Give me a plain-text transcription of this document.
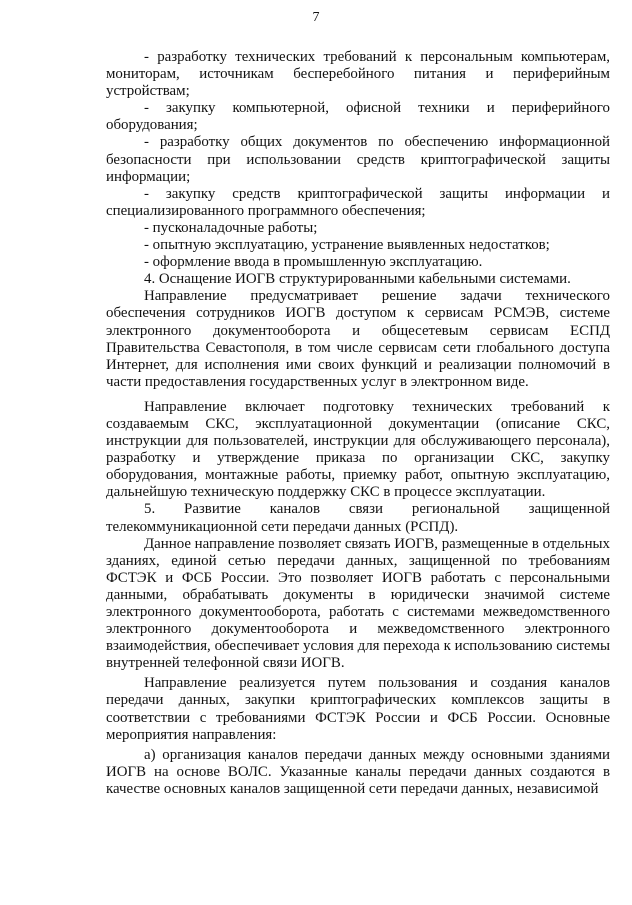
7

- разработку технических требований к персональным компьютерам, мониторам, источникам бесперебойного питания и периферийным устройствам;

- закупку компьютерной, офисной техники и периферийного оборудования;

- разработку общих документов по обеспечению информационной безопасности при использовании средств криптографической защиты информации;

- закупку средств криптографической защиты информации и специализированного программного обеспечения;

- пусконаладочные работы;

- опытную эксплуатацию, устранение выявленных недостатков;

- оформление ввода в промышленную эксплуатацию.

4. Оснащение ИОГВ структурированными кабельными системами.

Направление предусматривает решение задачи технического обеспечения сотрудников ИОГВ доступом к сервисам РСМЭВ, системе электронного документооборота и общесетевым сервисам ЕСПД Правительства Севастополя, в том числе сервисам сети глобального доступа Интернет, для исполнения ими своих функций и реализации полномочий в части предоставления государственных услуг в электронном виде.

Направление включает подготовку технических требований к создаваемым СКС, эксплуатационной документации (описание СКС, инструкции для пользователей, инструкции для обслуживающего персонала), разработку и утверждение приказа по организации СКС, закупку оборудования, монтажные работы, приемку работ, опытную эксплуатацию, дальнейшую техническую поддержку СКС в процессе эксплуатации.

5. Развитие каналов связи региональной защищенной телекоммуникационной сети передачи данных (РСПД).

Данное направление позволяет связать ИОГВ, размещенные в отдельных зданиях, единой сетью передачи данных, защищенной по требованиям ФСТЭК и ФСБ России. Это позволяет ИОГВ работать с персональными данными, обрабатывать документы в юридически значимой системе электронного документооборота, работать с системами межведомственного электронного документооборота и межведомственного электронного взаимодействия, обеспечивает условия для перехода к использованию системы внутренней телефонной связи ИОГВ.

Направление реализуется путем пользования и создания каналов передачи данных, закупки криптографических комплексов защиты в соответствии с требованиями ФСТЭК России и ФСБ России. Основные мероприятия направления:

а) организация каналов передачи данных между основными зданиями ИОГВ на основе ВОЛС. Указанные каналы передачи данных создаются в качестве основных каналов защищенной сети передачи данных, независимой
